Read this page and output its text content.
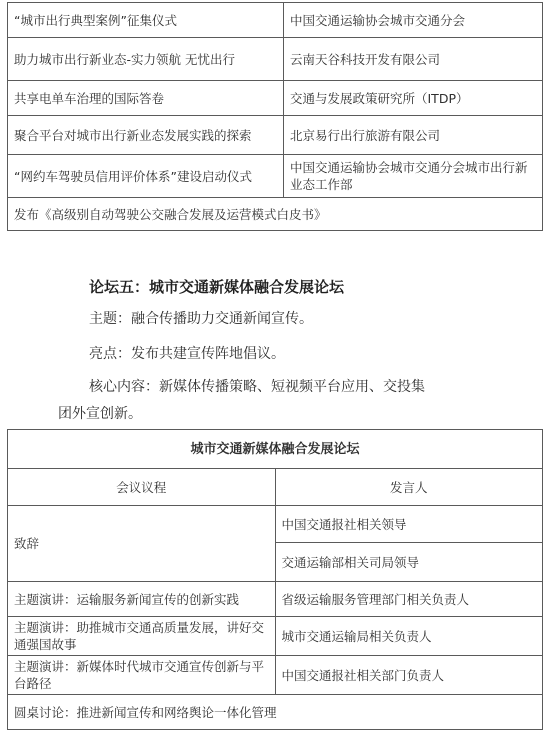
“城市出行典型案例”征集仪式	中国交通运输协会城市交通分会
助力城市出行新业态-实力领航 无忧出行	云南天谷科技开发有限公司
共享电单车治理的国际答卷	交通与发展政策研究所（ITDP）
聚合平台对城市出行新业态发展实践的探索	北京易行出行旅游有限公司
“网约车驾驶员信用评价体系”建设启动仪式	中国交通运输协会城市交通分会城市出行新业态工作部
发布《高级别自动驾驶公交融合发展及运营模式白皮书》	
论坛五：城市交通新媒体融合发展论坛
主题：融合传播助力交通新闻宣传。
亮点：发布共建宣传阵地倡议。
核心内容：新媒体传播策略、短视频平台应用、交投集
团外宣创新。
城市交通新媒体融合发展论坛	
会议议程	发言人
致辞	中国交通报社相关领导
	交通运输部相关司局领导
主题演讲：运输服务新闻宣传的创新实践	省级运输服务管理部门相关负责人
主题演讲：助推城市交通高质量发展，讲好交通强国故事	城市交通运输局相关负责人
主题演讲：新媒体时代城市交通宣传创新与平台路径	中国交通报社相关部门负责人
圆桌讨论：推进新闻宣传和网络舆论一体化管理	
